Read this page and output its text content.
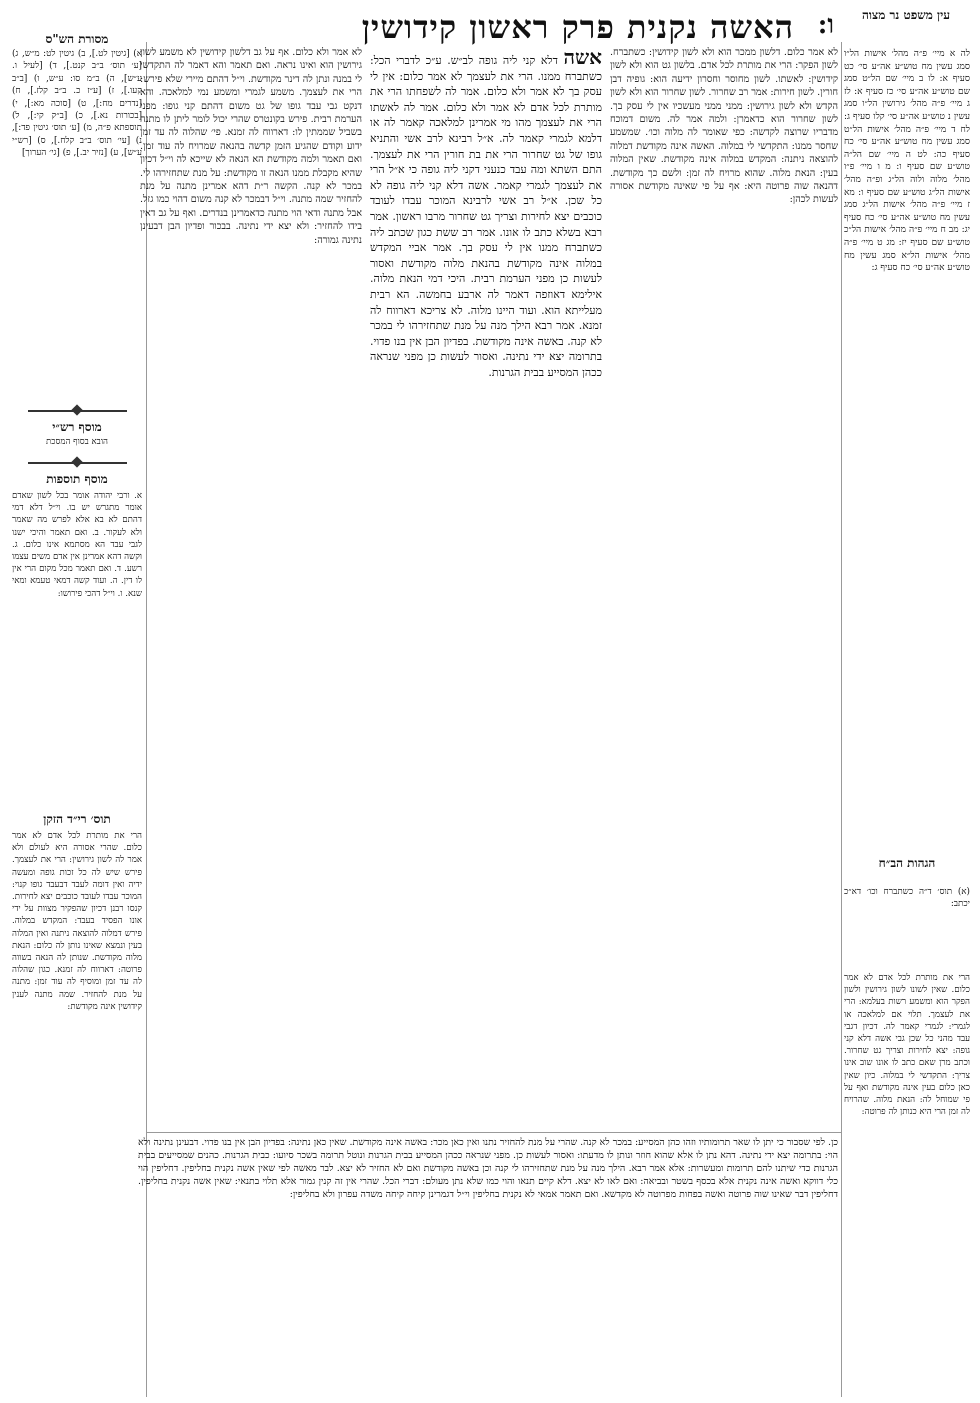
עין משפט נר מצוה
ו:
האשה נקנית פרק ראשון קידושין
מסורת הש"ס

לה א מיי׳ פ״ה מהל׳ אישות הל״ו סמג עשין מח טוש״ע אה״ע סי׳ כט סעיף א: לו ב מיי׳ שם הל״ט סמג שם טוש״ע אה״ע סי׳ כז סעיף א: לז ג מיי׳ פ״ה מהל׳ גירושין הל״ו סמג עשין נ טוש״ע אה״ע סי׳ קלו סעיף ג: לח ד מיי׳ פ״ה מהל׳ אישות הל״ט סמג עשין מח טוש״ע אה״ע סי׳ כח סעיף כה: לט ה מיי׳ שם הל״ה טוש״ע שם סעיף ו: מ ו מיי׳ פ״ו מהל׳ מלוה ולוה הל״ג ופ״ה מהל׳ אישות הל״ג טוש״ע שם סעיף ו: מא ז מיי׳ פ״ה מהל׳ אישות הל״ג סמג עשין מח טוש״ע אה״ע סי׳ כח סעיף יג: מב ח מיי׳ פ״ה מהל׳ אישות הל״כ טוש״ע שם סעיף יז: מג ט מיי׳ פ״ה מהל׳ אישות הל״א סמג עשין מח טוש״ע אה״ע סי׳ כח סעיף ג:

הגהות הב״ח

(א) תוס׳ ד״ה כשתברח וכו׳ דא״כ יכתב:

הרי את מותרת לכל אדם לא אמר כלום. שאין לשונו לשון גירושין ולשון הפקר הוא ומשמע רשות בעלמא: הרי את לעצמך. תלוי אם למלאכה או לגמרי: לגמרי קאמר לה. דכיון דגבי עבד מהני כל שכן גבי אשה דלא קני גופה: יצא לחירות וצריך גט שחרור. וכתב מרן שאם כתב לו אונו שוב אינו צריך: התקדשי לי במלוה. כיון שאין כאן כלום בעין אינה מקודשת ואף על פי שמוחל לה: הנאת מלוה. שהרויח לה זמן הרי היא כנותן לה פרוטה:

לא אמר כלום. דלשון ממכר הוא ולא לשון קידושין: כשתברח. לשון הפקר: הרי את מותרת לכל אדם. בלשון גט הוא ולא לשון קידושין: לאשתו. לשון מחוסר וחסרון ידיעה הוא: גופיה דבן חורין. לשון חירות: אמר רב שחרור. לשון שחרור הוא ולא לשון הקדש ולא לשון גירושין: ממני ממני מעשכיו אין לי עסק בך. לשון שחרור הוא כדאמרן: ולמה אמר לה. משום דמוכח מדבריו שרוצה לקדשה: כפי שאומר לה מלוה וכו׳. שמשמע שחסר ממנו: התקדשי לי במלוה. האשה אינה מקודשת דמלוה להוצאה ניתנה: המקדש במלוה אינה מקודשת. שאין המלוה בעין: הנאת מלוה. שהוא מרויח לה זמן: ולשם כך מקודשת. דהנאה שוה פרוטה היא: אף על פי שאינה מקודשת אסורה לעשות לכהן:

אשה דלא קני ליה גופה לב״ש. ע״כ לדברי הכל: כשתברח ממנו. הרי את לעצמך לא אמר כלום: אין לי עסק בך לא אמר ולא כלום. אמר לה לשפחתו הרי את מותרת לכל אדם לא אמר ולא כלום. אמר לה לאשתו הרי את לעצמך מהו מי אמרינן למלאכה קאמר לה או דלמא לגמרי קאמר לה. א״ל רבינא לרב אשי והתניא גופו של גט שחרור הרי את בת חורין הרי את לעצמך. התם השתא ומה עבד כנעני דקני ליה גופה כי א״ל הרי את לעצמך לגמרי קאמר. אשה דלא קני ליה גופה לא כל שכן. א״ל רב אשי לרבינא המוכר עבדו לעובד כוכבים יצא לחירות וצריך גט שחרור מרבו ראשון. אמר רבא בשלא כתב לו אונו. אמר רב ששת כגון שכתב ליה כשתברח ממנו אין לי עסק בך. אמר אביי המקדש במלוה אינה מקודשת בהנאת מלוה מקודשת ואסור לעשות כן מפני הערמת רבית. היכי דמי הנאת מלוה. אילימא דאוזפה דאמר לה ארבע בחמשה. הא רבית מעלייתא הוא. ועוד היינו מלוה. לא צריכא דארווח לה זמנא. אמר רבא הילך מנה על מנת שתחזירהו לי במכר לא קנה. באשה אינה מקודשת. בפדיון הבן אין בנו פדוי. בתרומה יצא ידי נתינה. ואסור לעשות כן מפני שנראה ככהן המסייע בבית הגרנות.

לא אמר ולא כלום. אף על גב דלשון קידושין לא משמע לשון גירושין הוא ואינו נראה. ואם תאמר והא דאמר לה התקדשי לי במנה ונתן לה דינר מקודשת. וי״ל דהתם מיירי שלא פירש: הרי את לעצמך. משמע לגמרי ומשמע נמי למלאכה. והא דנקט גבי עבד גופו של גט משום דהתם קני גופו: מפני הערמת רבית. פירש בקונטרס שהרי יכול לומר ליתן לו מתנה בשביל שממתין לו: דארווח לה זמנא. פי׳ שהלוה לה עד זמן ידוע וקודם שהגיע הזמן קדשה בהנאה שמרויח לה עוד זמן. ואם תאמר ולמה מקודשת הא הנאה לא שייכא לה וי״ל דכיון שהיא מקבלת ממנו הנאה זו מקודשת: על מנת שתחזירהו לי. במכר לא קנה. הקשה ר״ת דהא אמרינן מתנה על מנת להחזיר שמה מתנה. וי״ל דבמכר לא קנה משום דהוי כמו גזל. אבל מתנה ודאי הוי מתנה כדאמרינן בנדרים. ואף על גב דאין בידו להחזיר: ולא יצא ידי נתינה. בבכור ופדיון הבן דבעינן נתינה גמורה:

א) [גיטין לט.], ב) גיטין לט: מ״ש, ג) [ע׳ תוס׳ ב״ב קנט.], ד) [לעיל ו. ע״ש], ה) ב״מ סו: ע״ש, ו) [ב״ב קעו.], ז) [ע״ז כ. ב״ב קלז.], ח) [נדרים מח:], ט) [סוכה מא:], י) [בכורות נא.], כ) [ב״ק קי:], ל) תוספתא פ״ה, מ) [ע׳ תוס׳ גיטין פד:], נ) [עי׳ תוס׳ ב״ב קלח.], ס) [רש״י ע״ש], ע) [נזיר יב.], פ) [גי׳ הערוך]

מוסף רש״י
הובא בסוף המסכת
מוסף תוספות

א. ורבי יהודה אומר בכל לשון שאדם אומר מתגרש יש בו. וי״ל דלא דמי דהתם לא בא אלא לפרש מה שאמר ולא לעקור. ב. ואם תאמר והיכי ישנו לגבי עבד הא מסתמא אינו כלום. ג. וקשה דהא אמרינן אין אדם משים עצמו רשע. ד. ואם תאמר מכל מקום הרי אין לו דין. ה. ועוד קשה דמאי טעמא ומאי שנא. ו. וי״ל דהכי פירושו:

תוס׳ רי״ד הזקן

הרי את מותרת לכל אדם לא אמר כלום. שהרי אסורה היא לעולם ולא אמר לה לשון גירושין: הרי את לעצמך. פירש שיש לה כל זכות גופה ומעשה ידיה ואין דומה לעבד דבעבד גופו קנוי: המוכר עבדו לעובד כוכבים יצא לחירות. קנסו רבנן דכיון שהפקיר מצוות על ידי אונו הפסיד בעבד: המקדש במלוה. פירש דמלוה להוצאה ניתנה ואין המלוה בעין ונמצא שאינו נותן לה כלום: הנאת מלוה מקודשת. שנותן לה הנאה בשווה פרוטה: דארווח לה זמנא. כגון שהלוה לה עד זמן ומוסיף לה עוד זמן: מתנה על מנת להחזיר. שמה מתנה לענין קידושין אינה מקודשת:

כן. לפי שסבור כי יתן לו שאר תרומותיו וזהו כהן המסייע: במכר לא קנה. שהרי על מנת להחזיר נתנו ואין כאן מכר: באשה אינה מקודשת. שאין כאן נתינה: בפדיון הבן אין בנו פדוי. דבעינן נתינה ולא הוי: בתרומה יצא ידי נתינה. דהא נתן לו אלא שהוא חוזר ונותן לו מדעתו: ואסור לעשות כן. מפני שנראה ככהן המסייע בבית הגרנות ונוטל תרומה בשכר סיועו: כבית הגרנות. כהנים שמסייעים בבית הגרנות כדי שיתנו להם תרומות ומעשרות: אלא אמר רבא. הילך מנה על מנת שתחזירהו לי קנה וכן באשה מקודשת ואם לא החזיר לא יצא. לבר מאשה לפי שאין אשה נקנית בחליפין. דחליפין הוי כלי דווקא ואשה אינה נקנית אלא בכסף בשטר ובביאה: ואם לאו לא יצא. דלא קיים תנאו והוי כמו שלא נתן מעולם: דברי הכל. שהרי אין זה קנין גמור אלא תלוי בתנאי: שאין אשה נקנית בחליפין. דחליפין דבר שאינו שוה פרוטה ואשה בפחות מפרוטה לא מקדשא. ואם תאמר אמאי לא נקנית בחליפין וי״ל דגמרינן קיחה קיחה משדה עפרון ולא בחליפין:
